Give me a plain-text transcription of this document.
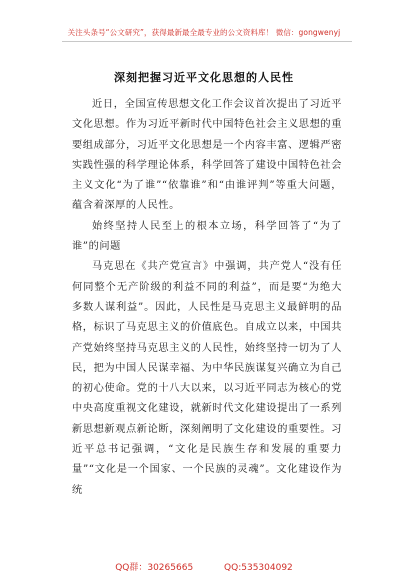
关注头条号“公文研究”，获得最新最全最专业的公文资料库！ 微信：gongwenyj
深刻把握习近平文化思想的人民性

近日，全国宣传思想文化工作会议首次提出了习近平文化思想。作为习近平新时代中国特色社会主义思想的重要组成部分，习近平文化思想是一个内容丰富、逻辑严密实践性强的科学理论体系，科学回答了建设中国特色社会主义文化“为了谁”“依靠谁”和“由谁评判”等重大问题，蕴含着深厚的人民性。

始终坚持人民至上的根本立场，科学回答了“为了谁”的问题

马克思在《共产党宣言》中强调，共产党人“没有任何同整个无产阶级的利益不同的利益”，而是要“为绝大多数人谋利益”。因此，人民性是马克思主义最鲜明的品格，标识了马克思主义的价值底色。自成立以来，中国共产党始终坚持马克思主义的人民性，始终坚持一切为了人民，把为中国人民谋幸福、为中华民族谋复兴确立为自己的初心使命。党的十八大以来，以习近平同志为核心的党中央高度重视文化建设，就新时代文化建设提出了一系列新思想新观点新论断，深刻阐明了文化建设的重要性。习近平总书记强调，“文化是民族生存和发展的重要力量”“文化是一个国家、一个民族的灵魂”。文化建设作为统

QQ群：30265665	QQ:535304092
